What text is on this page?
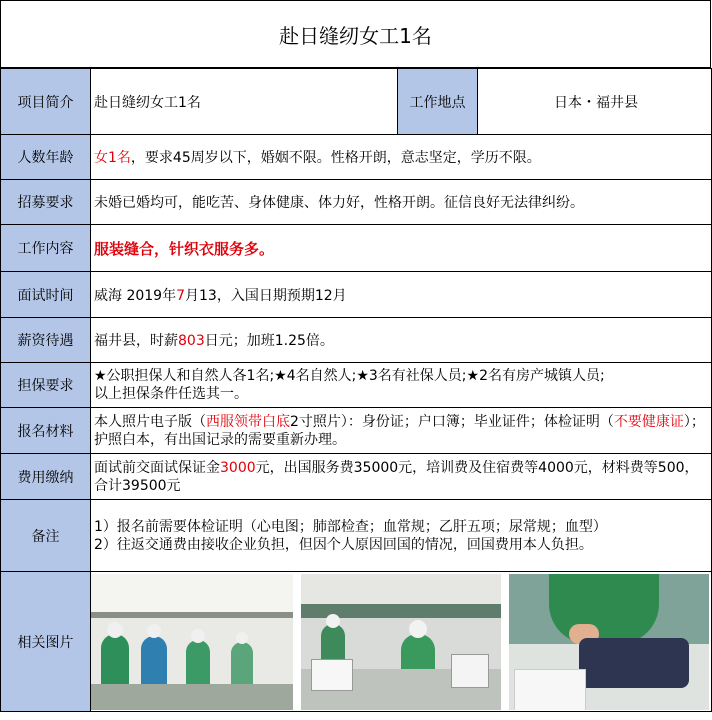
赴日缝纫女工1名
项目简介	赴日缝纫女工1名	工作地点	日本・福井县
人数年龄	女1名，要求45周岁以下，婚姻不限。性格开朗，意志坚定，学历不限。		
招募要求	未婚已婚均可，能吃苦、身体健康、体力好，性格开朗。征信良好无法律纠纷。		
工作内容	服装缝合，针织衣服务多。		
面试时间	威海 2019年7月13，入国日期预期12月		
薪资待遇	福井县，时薪803日元；加班1.25倍。		
担保要求	★公职担保人和自然人各1名;★4名自然人;★3名有社保人员;★2名有房产城镇人员;
以上担保条件任选其一。		

报名材料	本人照片电子版（西服领带白底2寸照片）：身份证；户口簿；毕业证件；体检证明（不要健康证）；护照白本，有出国记录的需要重新办理。		
费用缴纳	面试前交面试保证金3000元，出国服务费35000元，培训费及住宿费等4000元，材料费等500，合计39500元		
备注	1）报名前需要体检证明（心电图；肺部检查；血常规；乙肝五项；尿常规；血型）
2）往返交通费由接收企业负担，但因个人原因回国的情况，回国费用本人负担。		

相关图片			
